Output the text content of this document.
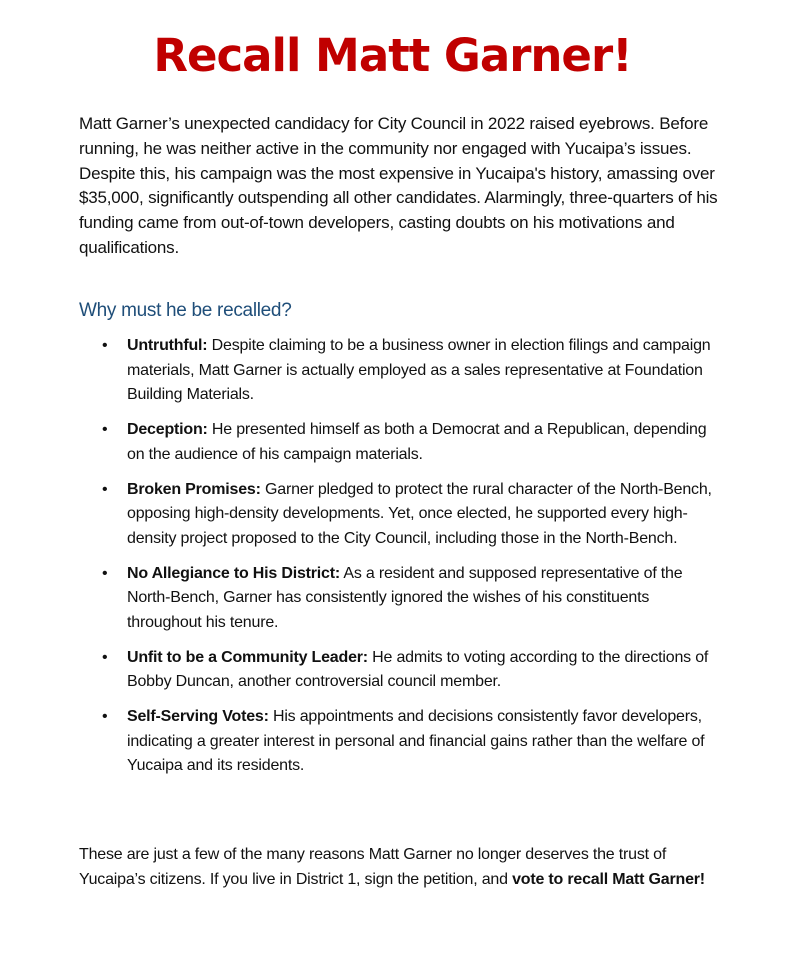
Recall Matt Garner!

Matt Garner’s unexpected candidacy for City Council in 2022 raised eyebrows. Before running, he was neither active in the community nor engaged with Yucaipa’s issues. Despite this, his campaign was the most expensive in Yucaipa's history, amassing over $35,000, significantly outspending all other candidates. Alarmingly, three-quarters of his funding came from out-of-town developers, casting doubts on his motivations and qualifications.

Why must he be recalled?
• Untruthful: Despite claiming to be a business owner in election filings and campaign materials, Matt Garner is actually employed as a sales representative at Foundation Building Materials.
• Deception: He presented himself as both a Democrat and a Republican, depending on the audience of his campaign materials.
• Broken Promises: Garner pledged to protect the rural character of the North-Bench, opposing high-density developments. Yet, once elected, he supported every high-density project proposed to the City Council, including those in the North-Bench.
• No Allegiance to His District: As a resident and supposed representative of the North-Bench, Garner has consistently ignored the wishes of his constituents throughout his tenure.
• Unfit to be a Community Leader: He admits to voting according to the directions of Bobby Duncan, another controversial council member.
• Self-Serving Votes: His appointments and decisions consistently favor developers, indicating a greater interest in personal and financial gains rather than the welfare of Yucaipa and its residents.

These are just a few of the many reasons Matt Garner no longer deserves the trust of Yucaipa’s citizens. If you live in District 1, sign the petition, and vote to recall Matt Garner!
